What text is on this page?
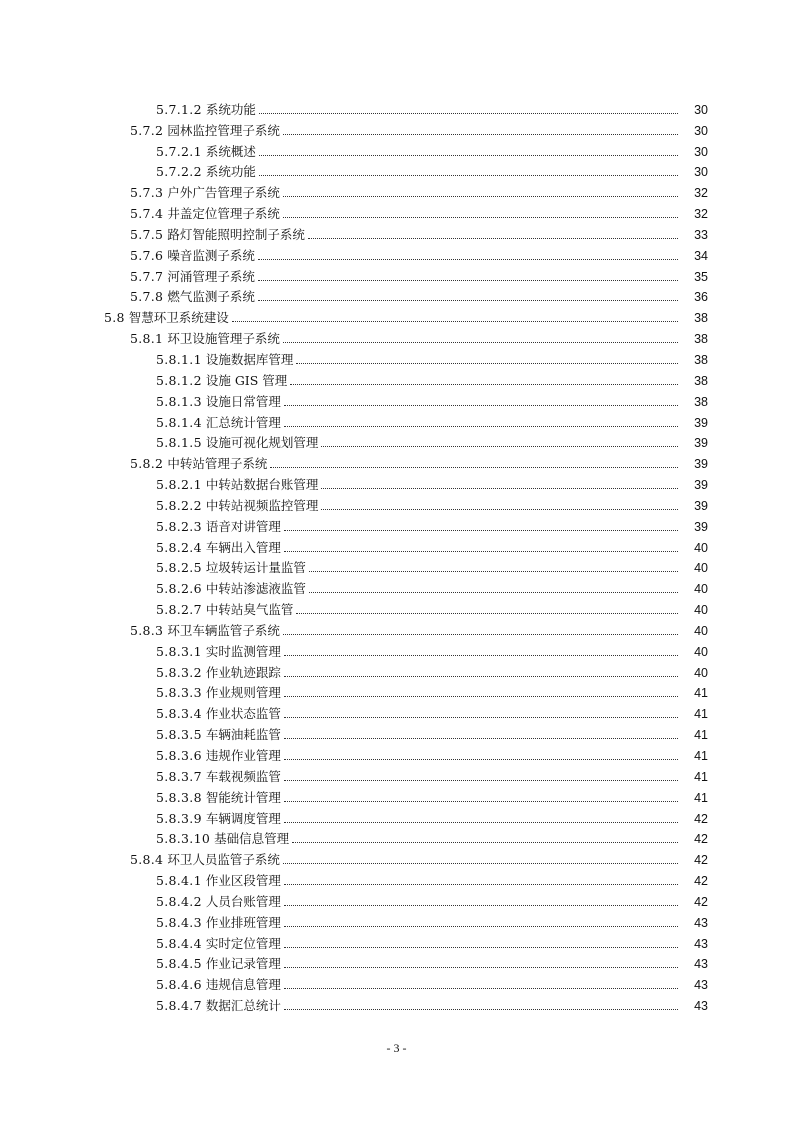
5.7.1.2 系统功能	30
5.7.2 园林监控管理子系统	30
5.7.2.1 系统概述	30
5.7.2.2 系统功能	30
5.7.3 户外广告管理子系统	32
5.7.4 井盖定位管理子系统	32
5.7.5 路灯智能照明控制子系统	33
5.7.6 噪音监测子系统	34
5.7.7 河涌管理子系统	35
5.7.8 燃气监测子系统	36
5.8 智慧环卫系统建设	38
5.8.1 环卫设施管理子系统	38
5.8.1.1 设施数据库管理	38
5.8.1.2 设施 GIS 管理	38
5.8.1.3 设施日常管理	38
5.8.1.4 汇总统计管理	39
5.8.1.5 设施可视化规划管理	39
5.8.2 中转站管理子系统	39
5.8.2.1 中转站数据台账管理	39
5.8.2.2 中转站视频监控管理	39
5.8.2.3 语音对讲管理	39
5.8.2.4 车辆出入管理	40
5.8.2.5 垃圾转运计量监管	40
5.8.2.6 中转站渗滤液监管	40
5.8.2.7 中转站臭气监管	40
5.8.3 环卫车辆监管子系统	40
5.8.3.1 实时监测管理	40
5.8.3.2 作业轨迹跟踪	40
5.8.3.3 作业规则管理	41
5.8.3.4 作业状态监管	41
5.8.3.5 车辆油耗监管	41
5.8.3.6 违规作业管理	41
5.8.3.7 车载视频监管	41
5.8.3.8 智能统计管理	41
5.8.3.9 车辆调度管理	42
5.8.3.10 基础信息管理	42
5.8.4 环卫人员监管子系统	42
5.8.4.1 作业区段管理	42
5.8.4.2 人员台账管理	42
5.8.4.3 作业排班管理	43
5.8.4.4 实时定位管理	43
5.8.4.5 作业记录管理	43
5.8.4.6 违规信息管理	43
5.8.4.7 数据汇总统计	43
- 3 -
